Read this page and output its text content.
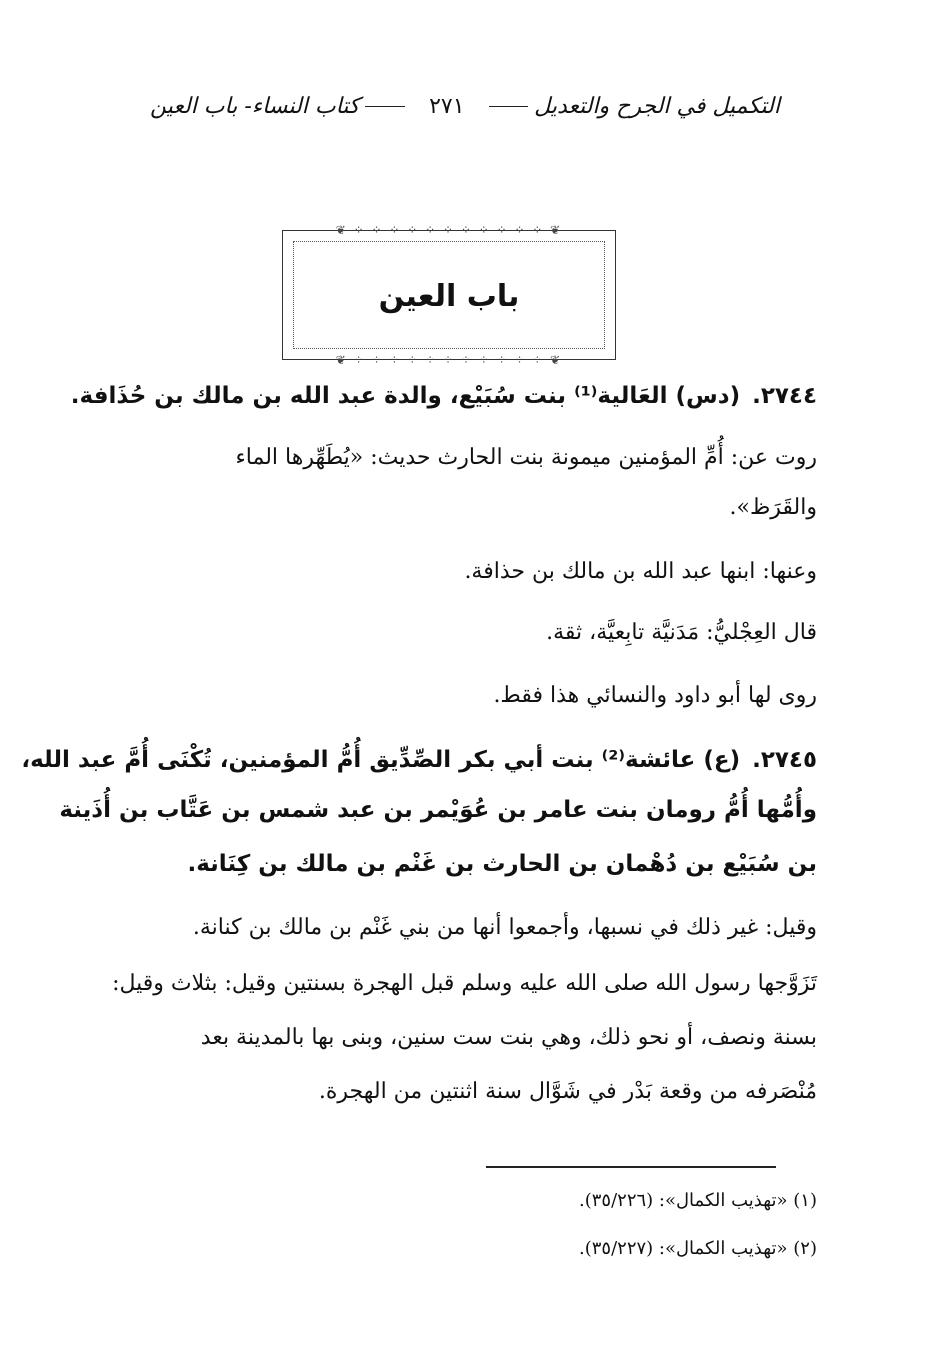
التكميل في الجرح والتعديل
٢٧١
كتاب النساء- باب العين
❦ ⁘ ⁘ ⁘ ⁘ ⁘ ⁘ ⁘ ⁘ ⁘ ⁘ ⁘ ❦
باب العين
❦ ⁘ ⁘ ⁘ ⁘ ⁘ ⁘ ⁘ ⁘ ⁘ ⁘ ⁘ ❦
٢٧٤٤.(دس) العَالية⁽¹⁾ بنت سُبَيْع، والدة عبد الله بن مالك بن حُذَافة.
روت عن: أُمِّ المؤمنين ميمونة بنت الحارث حديث: «يُطَهِّرها الماء
والقَرَظ».
وعنها: ابنها عبد الله بن مالك بن حذافة.
قال العِجْليُّ: مَدَنيَّة تابِعيَّة، ثقة.
روى لها أبو داود والنسائي هذا فقط.
٢٧٤٥.(ع) عائشة⁽²⁾ بنت أبي بكر الصِّدِّيق أُمُّ المؤمنين، تُكْنَى أُمَّ عبد الله،
وأُمُّها أُمُّ رومان بنت عامر بن عُوَيْمر بن عبد شمس بن عَتَّاب بن أُذَينة
بن سُبَيْع بن دُهْمان بن الحارث بن غَنْم بن مالك بن كِنَانة.
وقيل: غير ذلك في نسبها، وأجمعوا أنها من بني غَنْم بن مالك بن كنانة.
تَزَوَّجها رسول الله صلى الله عليه وسلم قبل الهجرة بسنتين وقيل: بثلاث وقيل:
بسنة ونصف، أو نحو ذلك، وهي بنت ست سنين، وبنى بها بالمدينة بعد
مُنْصَرفه من وقعة بَدْر في شَوَّال سنة اثنتين من الهجرة.
(١) «تهذيب الكمال»: (٣٥/٢٢٦).
(٢) «تهذيب الكمال»: (٣٥/٢٢٧).
